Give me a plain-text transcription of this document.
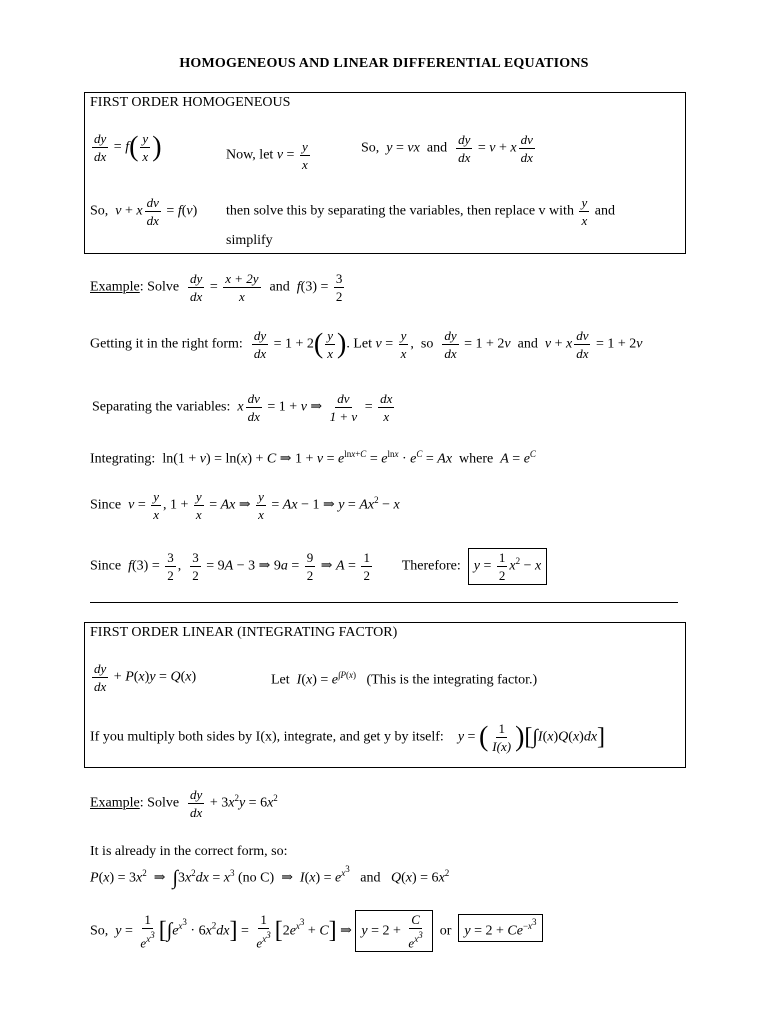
HOMOGENEOUS AND LINEAR DIFFERENTIAL EQUATIONS
FIRST ORDER HOMOGENEOUS
$\frac{dy}{dx} = f( \frac{y}{x}$ )	Now, let $v = \frac{y}{x}$	So, y = vx and $\frac{dy}{dx} = v + x \frac{dv}{dx}$
So, v + x $\frac{dv}{dx} = f(v)$ then solve this by separating the variables, then replace v with $\frac{y}{x}$ and
simplify
Example: Solve $\frac{dy}{dx} = \frac{x + 2y}{x}$ and $f(3) = \frac{3}{2}$
Getting it in the right form: $\frac{dy}{dx} = 1 + 2( \frac{y}{x}$ ). Let $v = \frac{y}{x}$ ,  so $\frac{dy}{dx} = 1 + 2v$ and v + x $\frac{dv}{dx} = 1 + 2v$
Separating the variables: x $\frac{dv}{dx} = 1 + v$ ⇒ $\frac{dv}{1 + v} = \frac{dx}{x}$
Integrating:  ln(1 + v) = ln(x) + C ⇒ $1 + v = e^{lnx+C} = e^{lnx} \cdot e^C = Ax$ where $A = e^C$
Since $v = \frac{y}{x}$ , $1 + \frac{y}{x} = Ax$ ⇒ $\frac{y}{x} = Ax - 1$ ⇒ $y = Ax^2 - x$
Since $f(3) = \frac{3}{2}$ , $\frac{3}{2} = 9A - 3$ ⇒ $9a = \frac{9}{2}$ ⇒ $A = \frac{1}{2}$ Therefore: $y = \frac{1}{2} x^2 - x$
FIRST ORDER LINEAR (INTEGRATING FACTOR)
$\frac{dy}{dx} + P(x)y = Q(x)$	Let $I(x) = e^{\int P(x)}$ (This is the integrating factor.)
If you multiply both sides by I(x), integrate, and get y by itself: y = ( $\frac{1}{I(x)} )[\int I(x)Q(x)dx]$
Example: Solve $\frac{dy}{dx} + 3x^2y = 6x^2$
It is already in the correct form, so:
$P(x) = 3x^2$  ⇒  $\int 3x^2dx = x^3$ (no C)  ⇒  $I(x) = e^{x^3}$   and $Q(x) = 6x^2$
So, $y = \frac{1}{e^{x^3}} [\int e^{x^3} \cdot 6x^2dx] = \frac{1}{e^{x^3}} [2e^{x^3} + C]$ ⇒ $y = 2 + \frac{C}{e^{x^3}}$ or $y = 2 + Ce^{-x^3}$
